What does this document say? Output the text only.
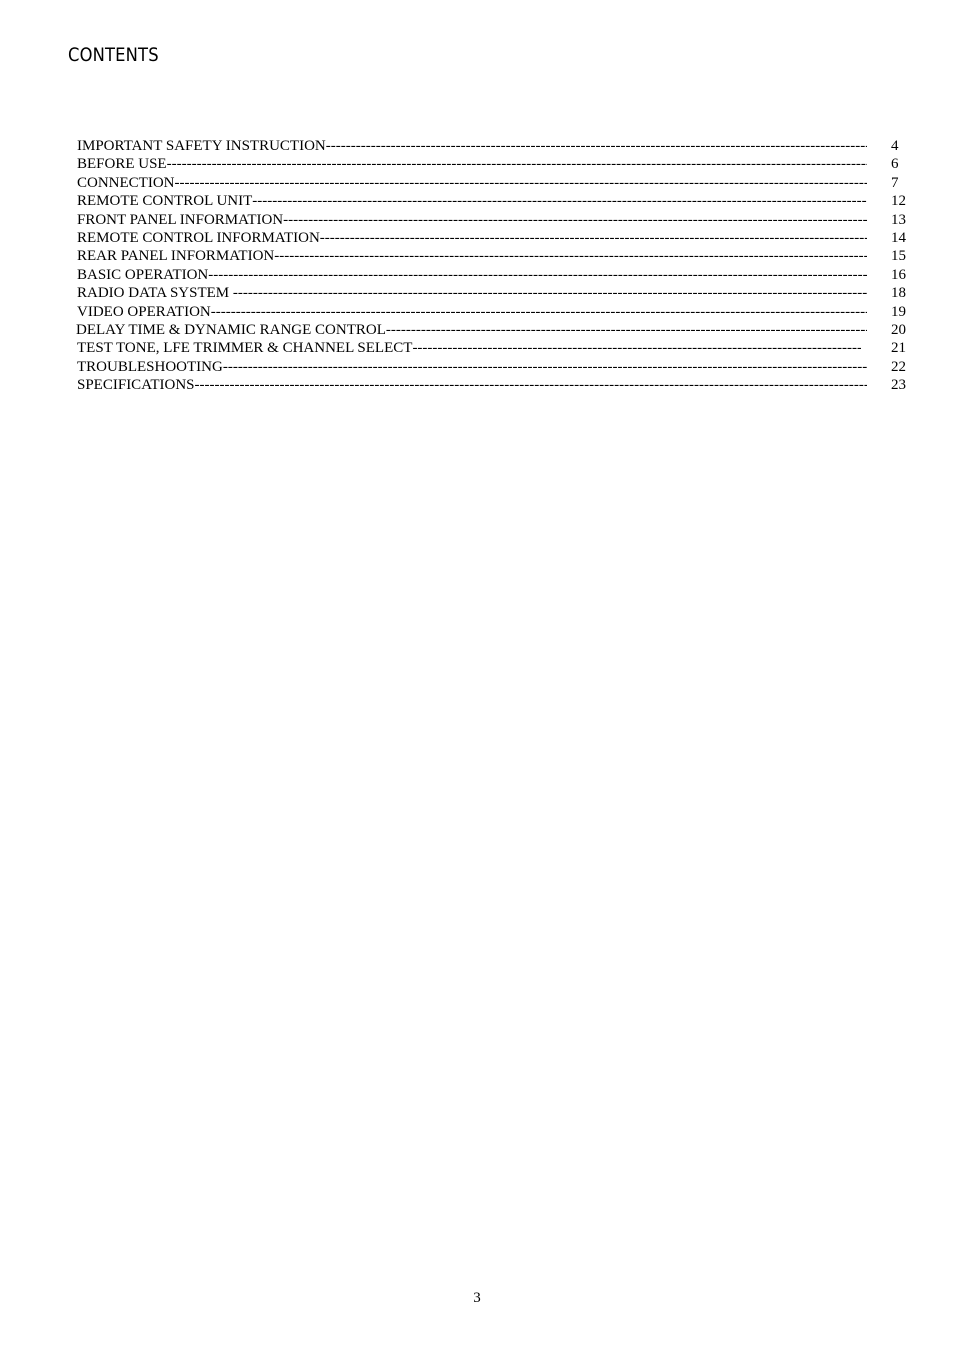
CONTENTS
IMPORTANT SAFETY INSTRUCTION -----	4
BEFORE USE -----	6
CONNECTION -----	7
REMOTE CONTROL UNIT -----	12
FRONT PANEL INFORMATION -----	13
REMOTE CONTROL INFORMATION -----	14
REAR PANEL INFORMATION -----	15
BASIC OPERATION -----	16
RADIO DATA SYSTEM -----	18
VIDEO OPERATION -----	19
DELAY TIME & DYNAMIC RANGE CONTROL -----	20
TEST TONE, LFE TRIMMER & CHANNEL SELECT -----	21
TROUBLESHOOTING -----	22
SPECIFICATIONS -----	23
3
